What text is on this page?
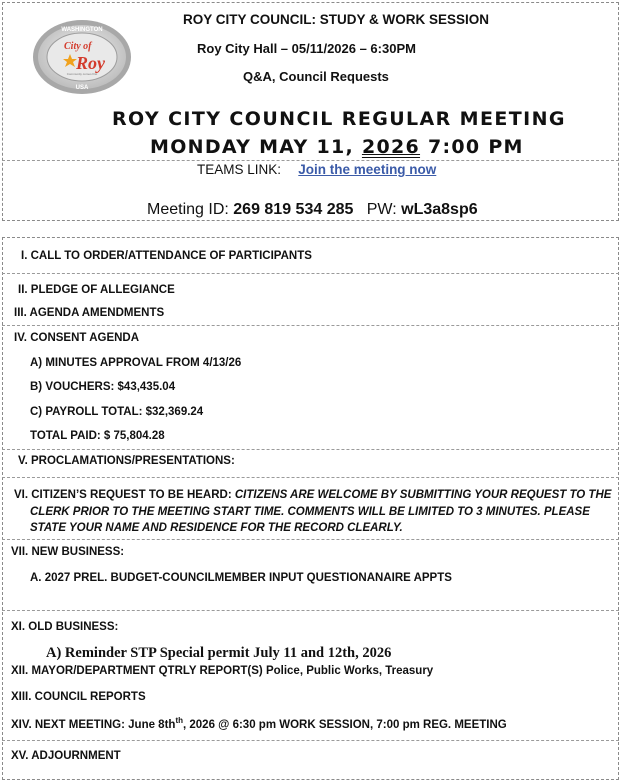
WASHINGTON
City of
Roy
Community comes first
USA
ROY CITY COUNCIL: STUDY & WORK SESSION
Roy City Hall – 05/11/2026 – 6:30PM
Q&A, Council Requests
ROY CITY COUNCIL REGULAR MEETING
MONDAY MAY 11, 2026 7:00 PM
TEAMS LINK: Join the meeting now
Meeting ID: 269 819 534 285 PW: wL3a8sp6
I. CALL TO ORDER/ATTENDANCE OF PARTICIPANTS
II. PLEDGE OF ALLEGIANCE
III. AGENDA AMENDMENTS
IV. CONSENT AGENDA
A) MINUTES APPROVAL FROM 4/13/26
B) VOUCHERS: $43,435.04
C) PAYROLL TOTAL: $32,369.24
TOTAL PAID: $ 75,804.28
V. PROCLAMATIONS/PRESENTATIONS:
VI. CITIZEN’S REQUEST TO BE HEARD: CITIZENS ARE WELCOME BY SUBMITTING YOUR REQUEST TO THE
CLERK PRIOR TO THE MEETING START TIME. COMMENTS WILL BE LIMITED TO 3 MINUTES. PLEASE
STATE YOUR NAME AND RESIDENCE FOR THE RECORD CLEARLY.
VII. NEW BUSINESS:
A. 2027 PREL. BUDGET-COUNCILMEMBER INPUT QUESTIONANAIRE APPTS
XI. OLD BUSINESS:
A) Reminder STP Special permit July 11 and 12th, 2026
XII. MAYOR/DEPARTMENT QTRLY REPORT(S) Police, Public Works, Treasury
XIII. COUNCIL REPORTS
XIV. NEXT MEETING: June $8th^{th}$, 2026 @ 6:30 pm WORK SESSION, 7:00 pm REG. MEETING
XV. ADJOURNMENT
